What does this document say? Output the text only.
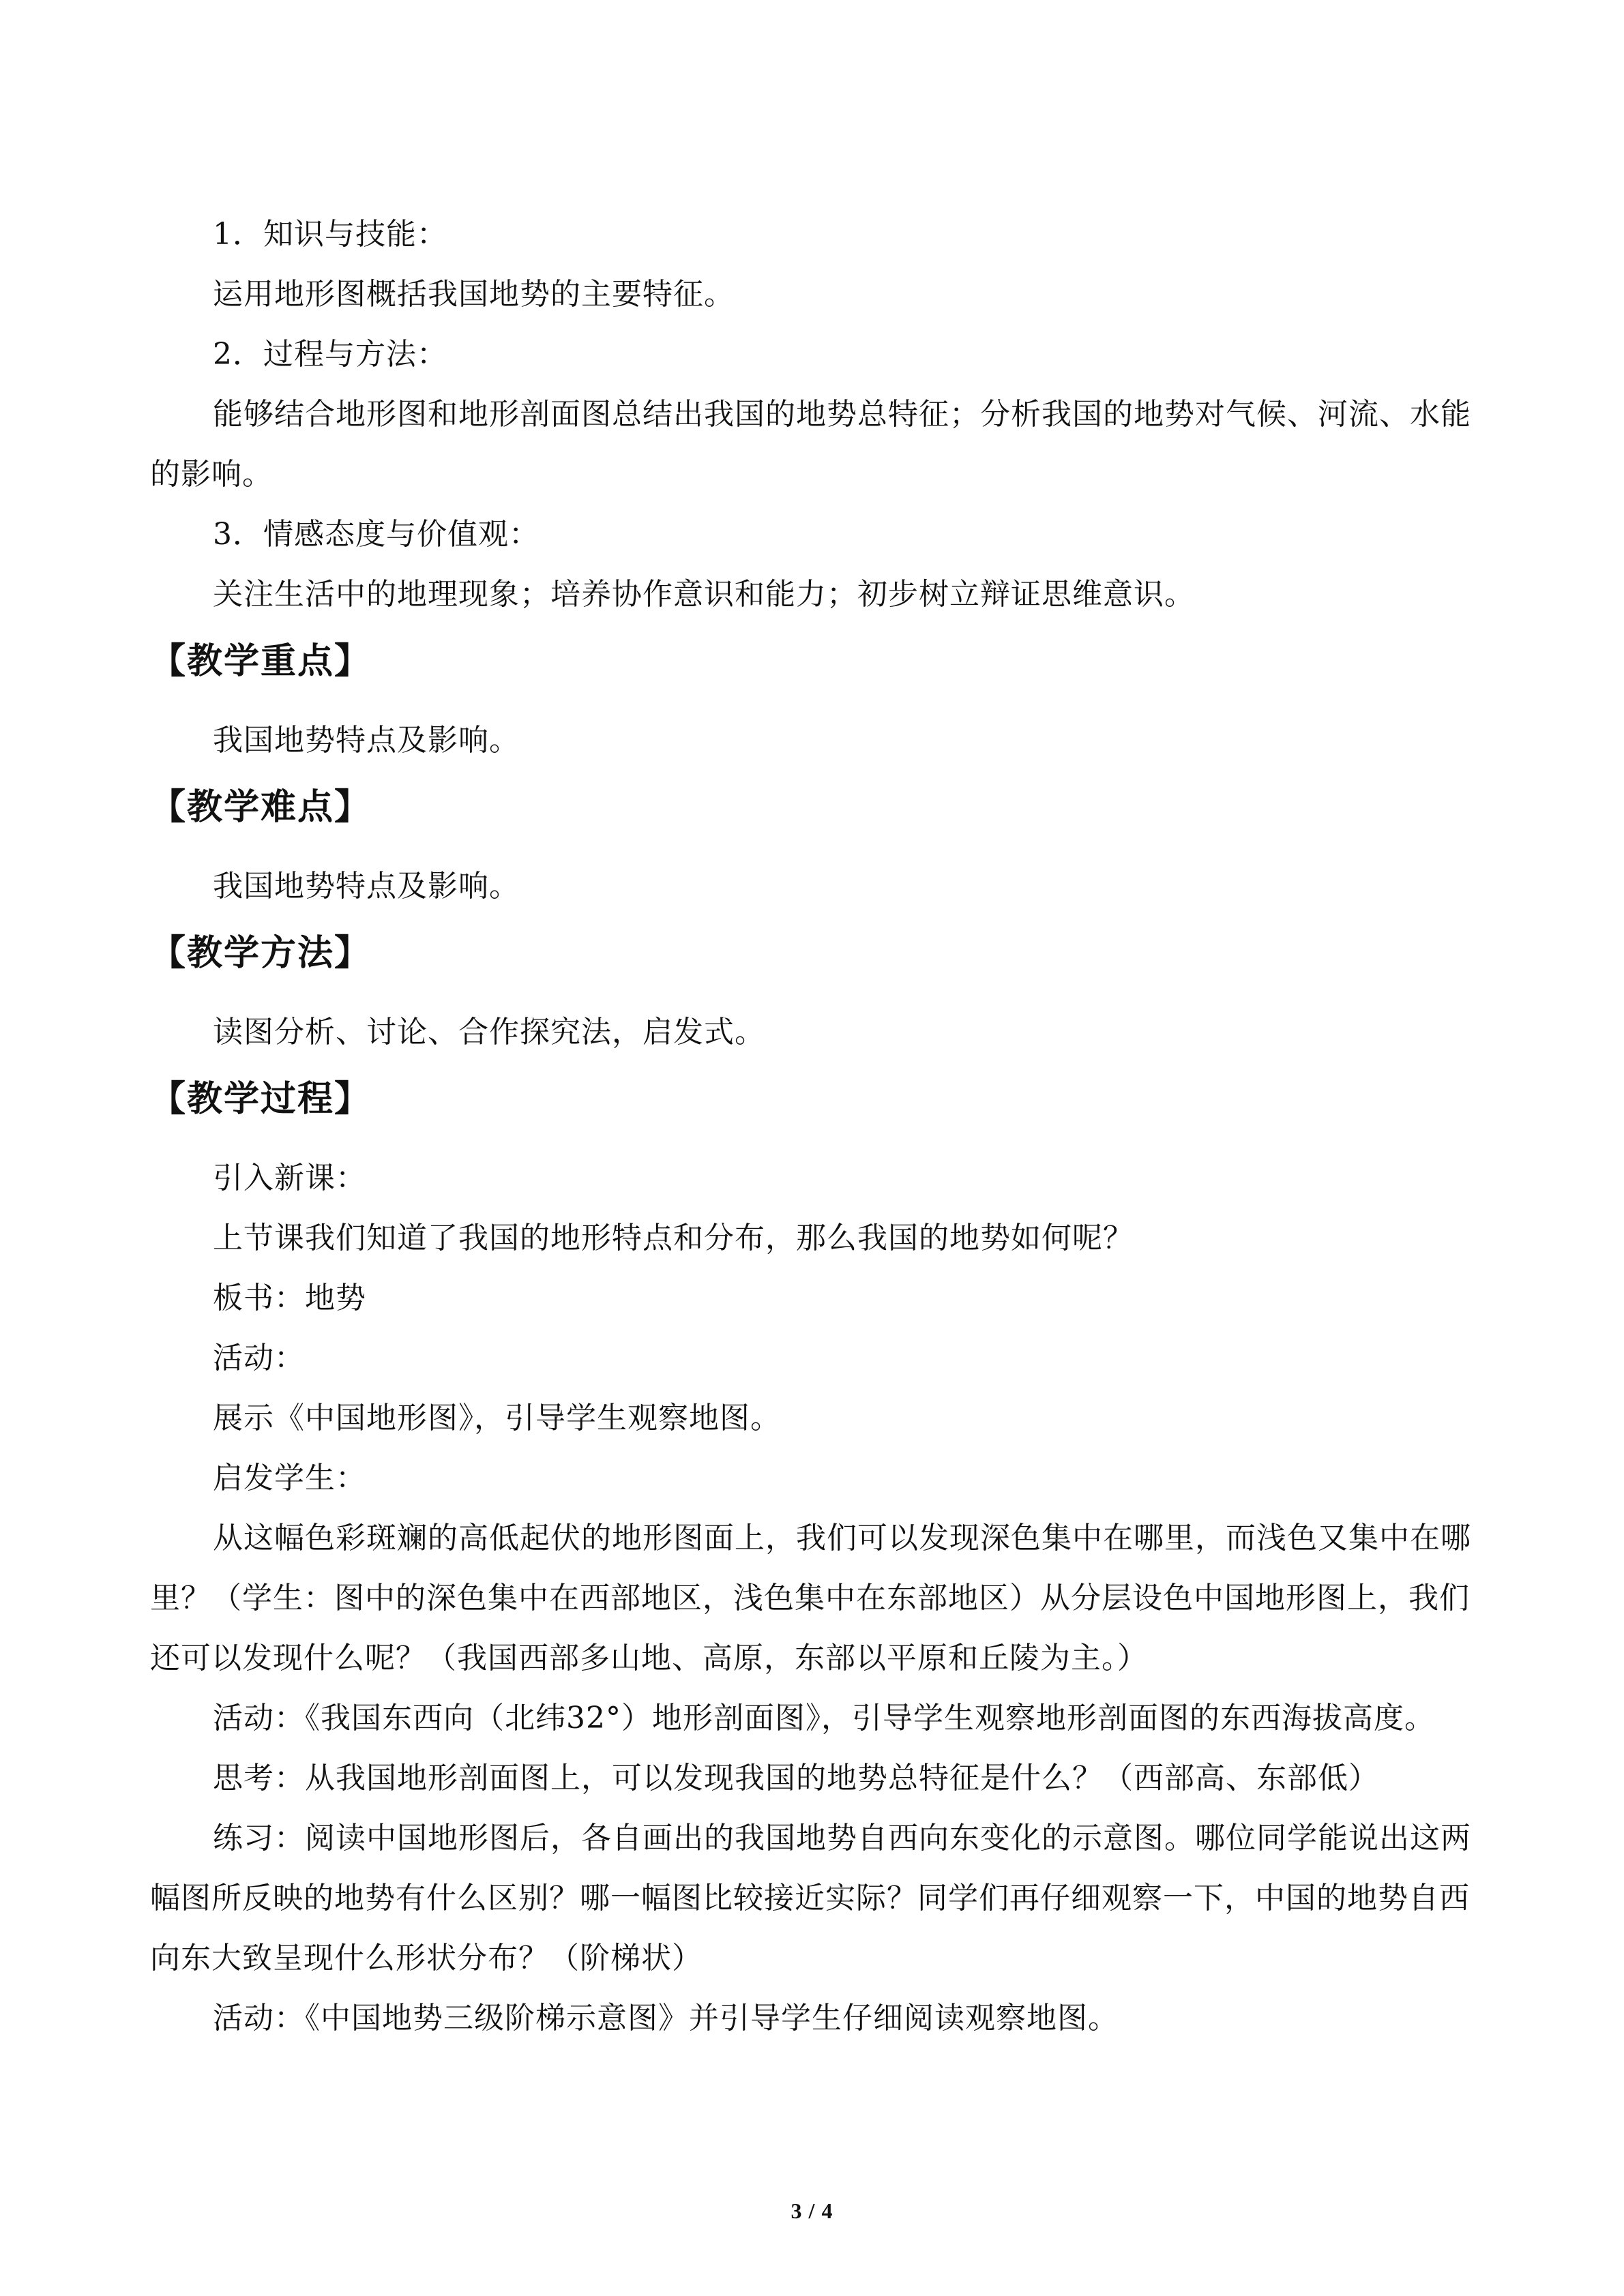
1．知识与技能：

运用地形图概括我国地势的主要特征。

2．过程与方法：

能够结合地形图和地形剖面图总结出我国的地势总特征；分析我国的地势对气候、河流、水能的影响。

3．情感态度与价值观：

关注生活中的地理现象；培养协作意识和能力；初步树立辩证思维意识。

【教学重点】

我国地势特点及影响。

【教学难点】

我国地势特点及影响。

【教学方法】

读图分析、讨论、合作探究法，启发式。

【教学过程】

引入新课：

上节课我们知道了我国的地形特点和分布，那么我国的地势如何呢？

板书：地势

活动：

展示《中国地形图》，引导学生观察地图。

启发学生：

从这幅色彩斑斓的高低起伏的地形图面上，我们可以发现深色集中在哪里，而浅色又集中在哪里？（学生：图中的深色集中在西部地区，浅色集中在东部地区）从分层设色中国地形图上，我们还可以发现什么呢？（我国西部多山地、高原，东部以平原和丘陵为主。）

活动：《我国东西向（北纬32°）地形剖面图》，引导学生观察地形剖面图的东西海拔高度。

思考：从我国地形剖面图上，可以发现我国的地势总特征是什么？（西部高、东部低）

练习：阅读中国地形图后，各自画出的我国地势自西向东变化的示意图。哪位同学能说出这两幅图所反映的地势有什么区别？哪一幅图比较接近实际？同学们再仔细观察一下，中国的地势自西向东大致呈现什么形状分布？（阶梯状）

活动：《中国地势三级阶梯示意图》并引导学生仔细阅读观察地图。

3 / 4
